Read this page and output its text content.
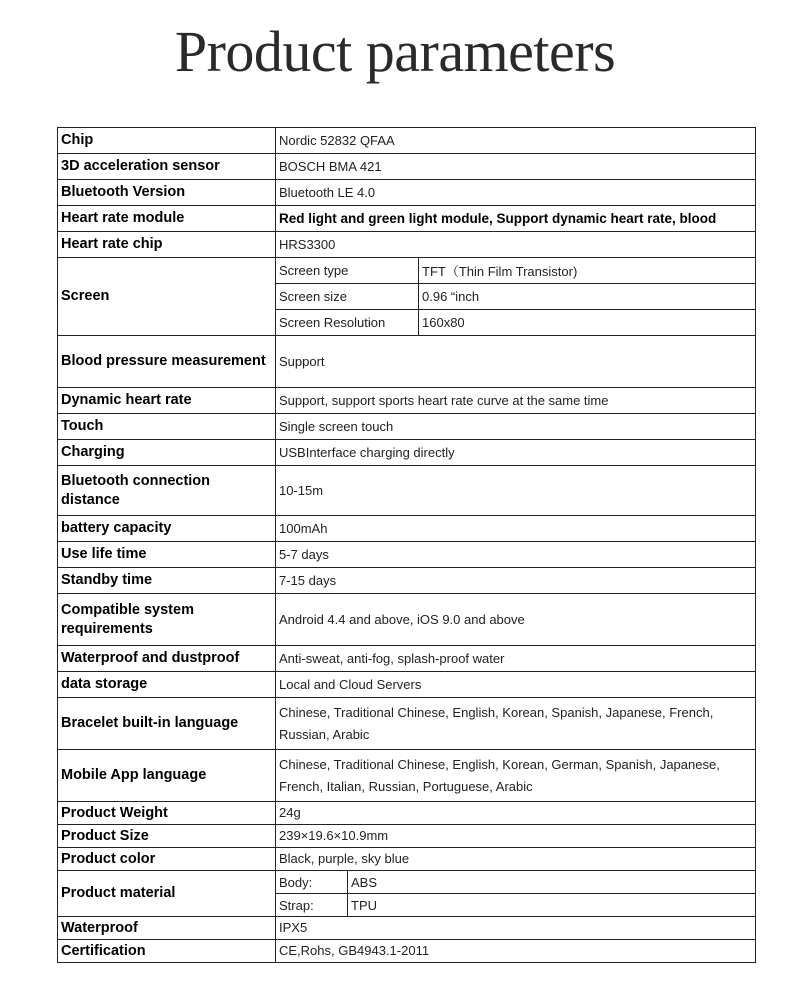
Product parameters
Chip	Nordic 52832 QFAA		
3D acceleration sensor	BOSCH BMA 421		
Bluetooth Version	Bluetooth LE 4.0		
Heart rate module	Red light and green light module, Support dynamic heart rate, blood		
Heart rate chip	HRS3300		
Screen	Screen type		TFT（Thin Film Transistor)
	Screen size		0.96 “inch
	Screen Resolution		160x80
Blood pressure measurement	Support		
Dynamic heart rate	Support, support sports heart rate curve at the same time		
Touch	Single screen touch		
Charging	USBInterface charging directly		
Bluetooth connection distance	10-15m		
battery capacity	100mAh		
Use life time	5-7 days		
Standby time	7-15 days		
Compatible system requirements	Android 4.4 and above, iOS 9.0 and above		
Waterproof and dustproof	Anti-sweat, anti-fog, splash-proof water		
data storage	Local and Cloud Servers		
Bracelet built-in language	Chinese, Traditional Chinese, English, Korean, Spanish, Japanese, French, Russian, Arabic		
Mobile App language	Chinese, Traditional Chinese, English, Korean, German, Spanish, Japanese, French, Italian, Russian, Portuguese, Arabic		
Product Weight	24g		
Product Size	239×19.6×10.9mm		
Product color	Black, purple, sky blue		
Product material	Body:	ABS	
	Strap:	TPU	
Waterproof	IPX5		
Certification	CE,Rohs, GB4943.1-2011		
